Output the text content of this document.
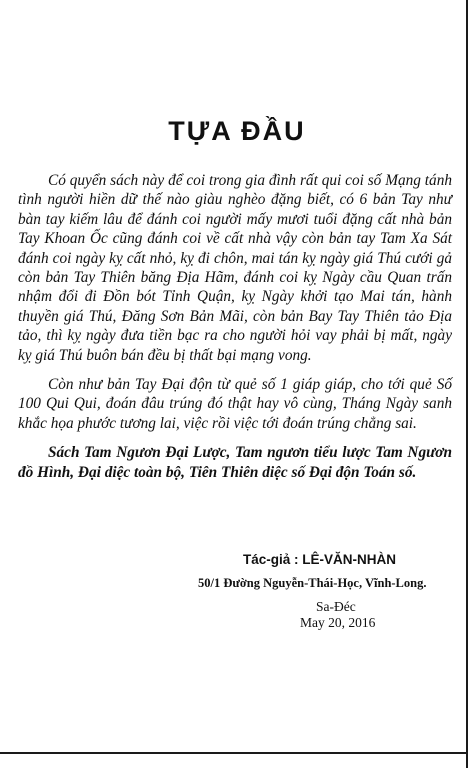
TỰA ĐẦU

Có quyển sách này để coi trong gia đình rất qui coi số Mạng tánh tình người hiền dữ thế nào giàu nghèo đặng biết, có 6 bản Tay như bàn tay kiếm lâu để đánh coi người mấy mươi tuổi đặng cất nhà bản Tay Khoan Ốc cũng đánh coi về cất nhà vậy còn bản tay Tam Xa Sát đánh coi ngày kỵ cất nhỏ, kỵ đi chôn, mai tán kỵ ngày giá Thú cưới gả còn bản Tay Thiên băng Địa Hãm, đánh coi kỵ Ngày cầu Quan trấn nhậm đổi đi Đồn bót Tỉnh Quận, kỵ Ngày khởi tạo Mai tán, hành thuyền giá Thú, Đăng Sơn Bản Mãi, còn bản Bay Tay Thiên tảo Địa tảo, thì kỵ ngày đưa tiền bạc ra cho người hỏi vay phải bị mất, ngày kỵ giá Thú buôn bán đều bị thất bại mạng vong.

Còn như bản Tay Đại độn từ quẻ số 1 giáp giáp, cho tới quẻ Số 100 Qui Qui, đoán đâu trúng đó thật hay vô cùng, Tháng Ngày sanh khắc họa phước tương lai, việc rồi việc tới đoán trúng chẳng sai.

Sách Tam Ngươn Đại Lược, Tam ngươn tiểu lược Tam Ngươn đồ Hình, Đại diệc toàn bộ, Tiên Thiên diệc số Đại độn Toán số.

Tác-giả : LÊ-VĂN-NHÀN
50/1 Đường Nguyễn-Thái-Học, Vĩnh-Long.
Sa-Đéc
May 20, 2016
